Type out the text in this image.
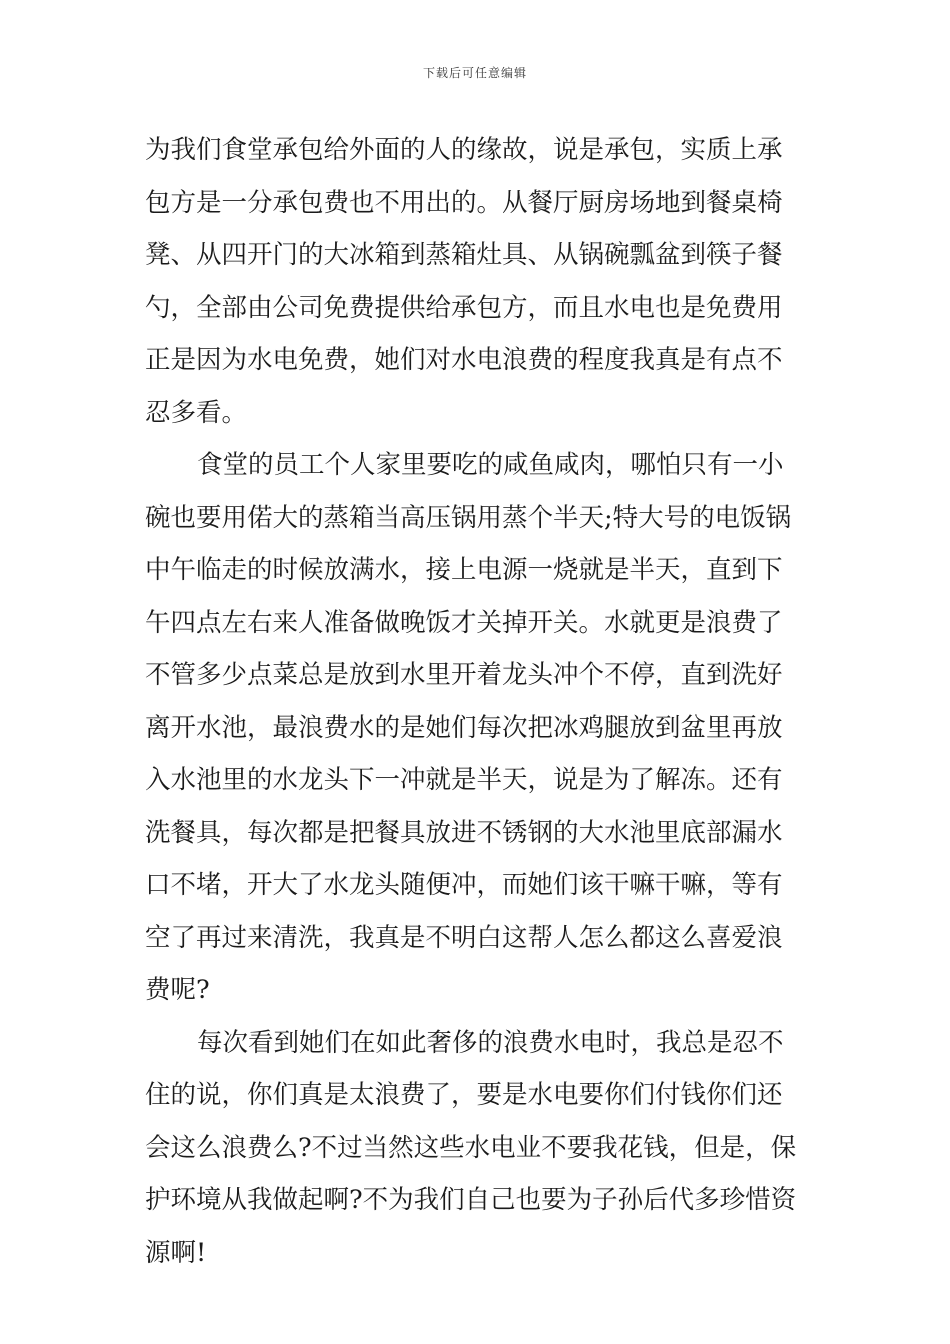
下载后可任意编辑
为我们食堂承包给外面的人的缘故，说是承包，实质上承
包方是一分承包费也不用出的。从餐厅厨房场地到餐桌椅
凳、从四开门的大冰箱到蒸箱灶具、从锅碗瓢盆到筷子餐
勺，全部由公司免费提供给承包方，而且水电也是免费用
正是因为水电免费，她们对水电浪费的程度我真是有点不
忍多看。
食堂的员工个人家里要吃的咸鱼咸肉，哪怕只有一小
碗也要用偌大的蒸箱当高压锅用蒸个半天;特大号的电饭锅
中午临走的时候放满水，接上电源一烧就是半天，直到下
午四点左右来人准备做晚饭才关掉开关。水就更是浪费了
不管多少点菜总是放到水里开着龙头冲个不停，直到洗好
离开水池，最浪费水的是她们每次把冰鸡腿放到盆里再放
入水池里的水龙头下一冲就是半天，说是为了解冻。还有
洗餐具，每次都是把餐具放进不锈钢的大水池里底部漏水
口不堵，开大了水龙头随便冲，而她们该干嘛干嘛，等有
空了再过来清洗，我真是不明白这帮人怎么都这么喜爱浪
费呢?
每次看到她们在如此奢侈的浪费水电时，我总是忍不
住的说，你们真是太浪费了，要是水电要你们付钱你们还
会这么浪费么?不过当然这些水电业不要我花钱，但是，保
护环境从我做起啊?不为我们自己也要为子孙后代多珍惜资
源啊!
